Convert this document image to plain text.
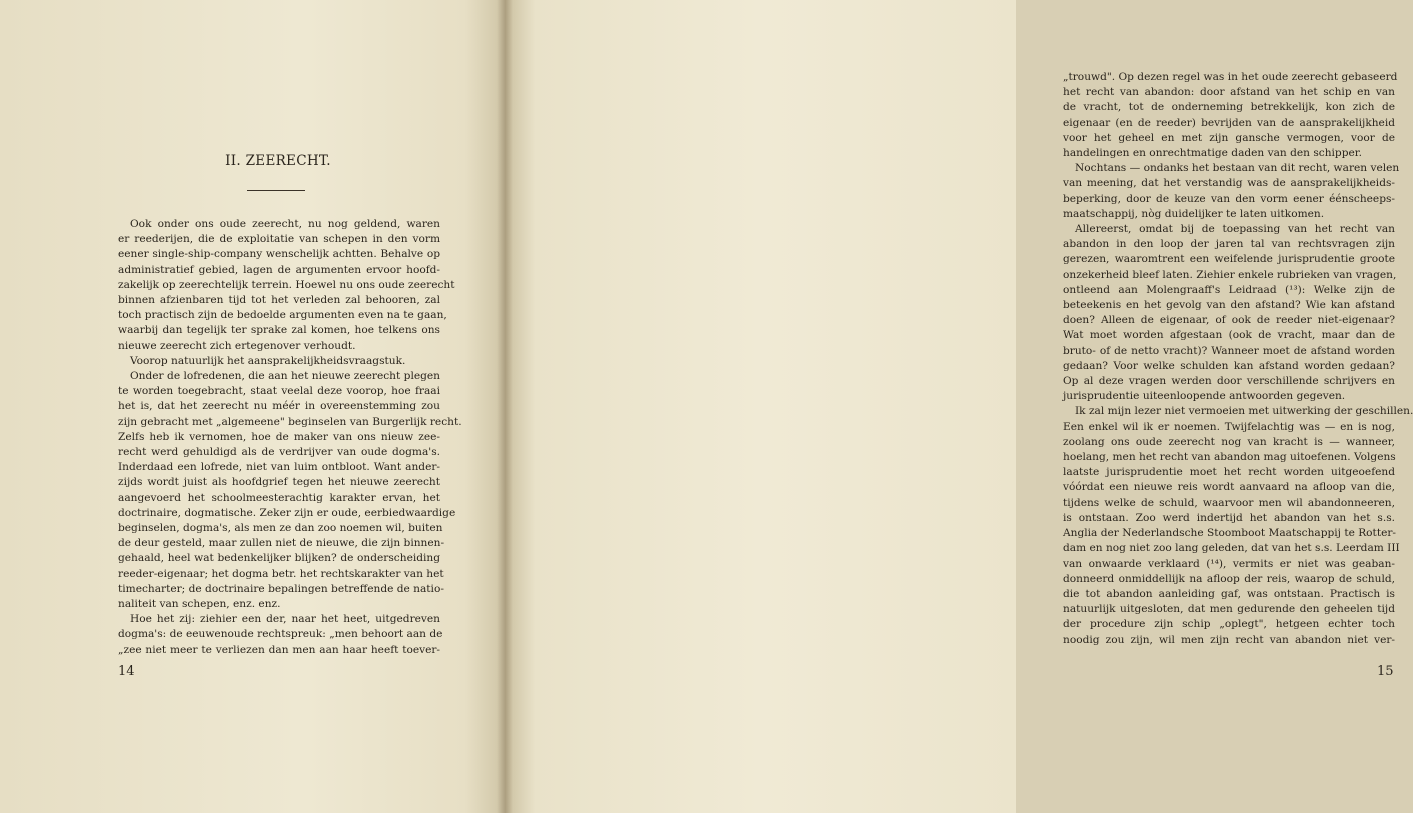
II. ZEERECHT.
Ook onder ons oude zeerecht, nu nog geldend, waren
er reederijen, die de exploitatie van schepen in den vorm
eener single-ship-company wenschelijk achtten. Behalve op
administratief gebied, lagen de argumenten ervoor hoofd-
zakelijk op zeerechtelijk terrein. Hoewel nu ons oude zeerecht
binnen afzienbaren tijd tot het verleden zal behooren, zal
toch practisch zijn de bedoelde argumenten even na te gaan,
waarbij dan tegelijk ter sprake zal komen, hoe telkens ons
nieuwe zeerecht zich ertegenover verhoudt.
Voorop natuurlijk het aansprakelijkheidsvraagstuk.
Onder de lofredenen, die aan het nieuwe zeerecht plegen
te worden toegebracht, staat veelal deze voorop, hoe fraai
het is, dat het zeerecht nu méér in overeenstemming zou
zijn gebracht met „algemeene" beginselen van Burgerlijk recht.
Zelfs heb ik vernomen, hoe de maker van ons nieuw zee-
recht werd gehuldigd als de verdrijver van oude dogma's.
Inderdaad een lofrede, niet van luim ontbloot. Want ander-
zijds wordt juist als hoofdgrief tegen het nieuwe zeerecht
aangevoerd het schoolmeesterachtig karakter ervan, het
doctrinaire, dogmatische. Zeker zijn er oude, eerbiedwaardige
beginselen, dogma's, als men ze dan zoo noemen wil, buiten
de deur gesteld, maar zullen niet de nieuwe, die zijn binnen-
gehaald, heel wat bedenkelijker blijken? de onderscheiding
reeder-eigenaar; het dogma betr. het rechtskarakter van het
timecharter; de doctrinaire bepalingen betreffende de natio-
naliteit van schepen, enz. enz.
Hoe het zij: ziehier een der, naar het heet, uitgedreven
dogma's: de eeuwenoude rechtspreuk: „men behoort aan de
„zee niet meer te verliezen dan men aan haar heeft toever-
14
„trouwd". Op dezen regel was in het oude zeerecht gebaseerd
het recht van abandon: door afstand van het schip en van
de vracht, tot de onderneming betrekkelijk, kon zich de
eigenaar (en de reeder) bevrijden van de aansprakelijkheid
voor het geheel en met zijn gansche vermogen, voor de
handelingen en onrechtmatige daden van den schipper.
Nochtans — ondanks het bestaan van dit recht, waren velen
van meening, dat het verstandig was de aansprakelijkheids-
beperking, door de keuze van den vorm eener éénscheeps-
maatschappij, nòg duidelijker te laten uitkomen.
Allereerst, omdat bij de toepassing van het recht van
abandon in den loop der jaren tal van rechtsvragen zijn
gerezen, waaromtrent een weifelende jurisprudentie groote
onzekerheid bleef laten. Ziehier enkele rubrieken van vragen,
ontleend aan Molengraaff's Leidraad (¹³): Welke zijn de
beteekenis en het gevolg van den afstand? Wie kan afstand
doen? Alleen de eigenaar, of ook de reeder niet-eigenaar?
Wat moet worden afgestaan (ook de vracht, maar dan de
bruto- of de netto vracht)? Wanneer moet de afstand worden
gedaan? Voor welke schulden kan afstand worden gedaan?
Op al deze vragen werden door verschillende schrijvers en
jurisprudentie uiteenloopende antwoorden gegeven.
Ik zal mijn lezer niet vermoeien met uitwerking der geschillen.
Een enkel wil ik er noemen. Twijfelachtig was — en is nog,
zoolang ons oude zeerecht nog van kracht is — wanneer,
hoelang, men het recht van abandon mag uitoefenen. Volgens
laatste jurisprudentie moet het recht worden uitgeoefend
vóórdat een nieuwe reis wordt aanvaard na afloop van die,
tijdens welke de schuld, waarvoor men wil abandonneeren,
is ontstaan. Zoo werd indertijd het abandon van het s.s.
Anglia der Nederlandsche Stoomboot Maatschappij te Rotter-
dam en nog niet zoo lang geleden, dat van het s.s. Leerdam III
van onwaarde verklaard (¹⁴), vermits er niet was geaban-
donneerd onmiddellijk na afloop der reis, waarop de schuld,
die tot abandon aanleiding gaf, was ontstaan. Practisch is
natuurlijk uitgesloten, dat men gedurende den geheelen tijd
der procedure zijn schip „oplegt", hetgeen echter toch
noodig zou zijn, wil men zijn recht van abandon niet ver-
15
